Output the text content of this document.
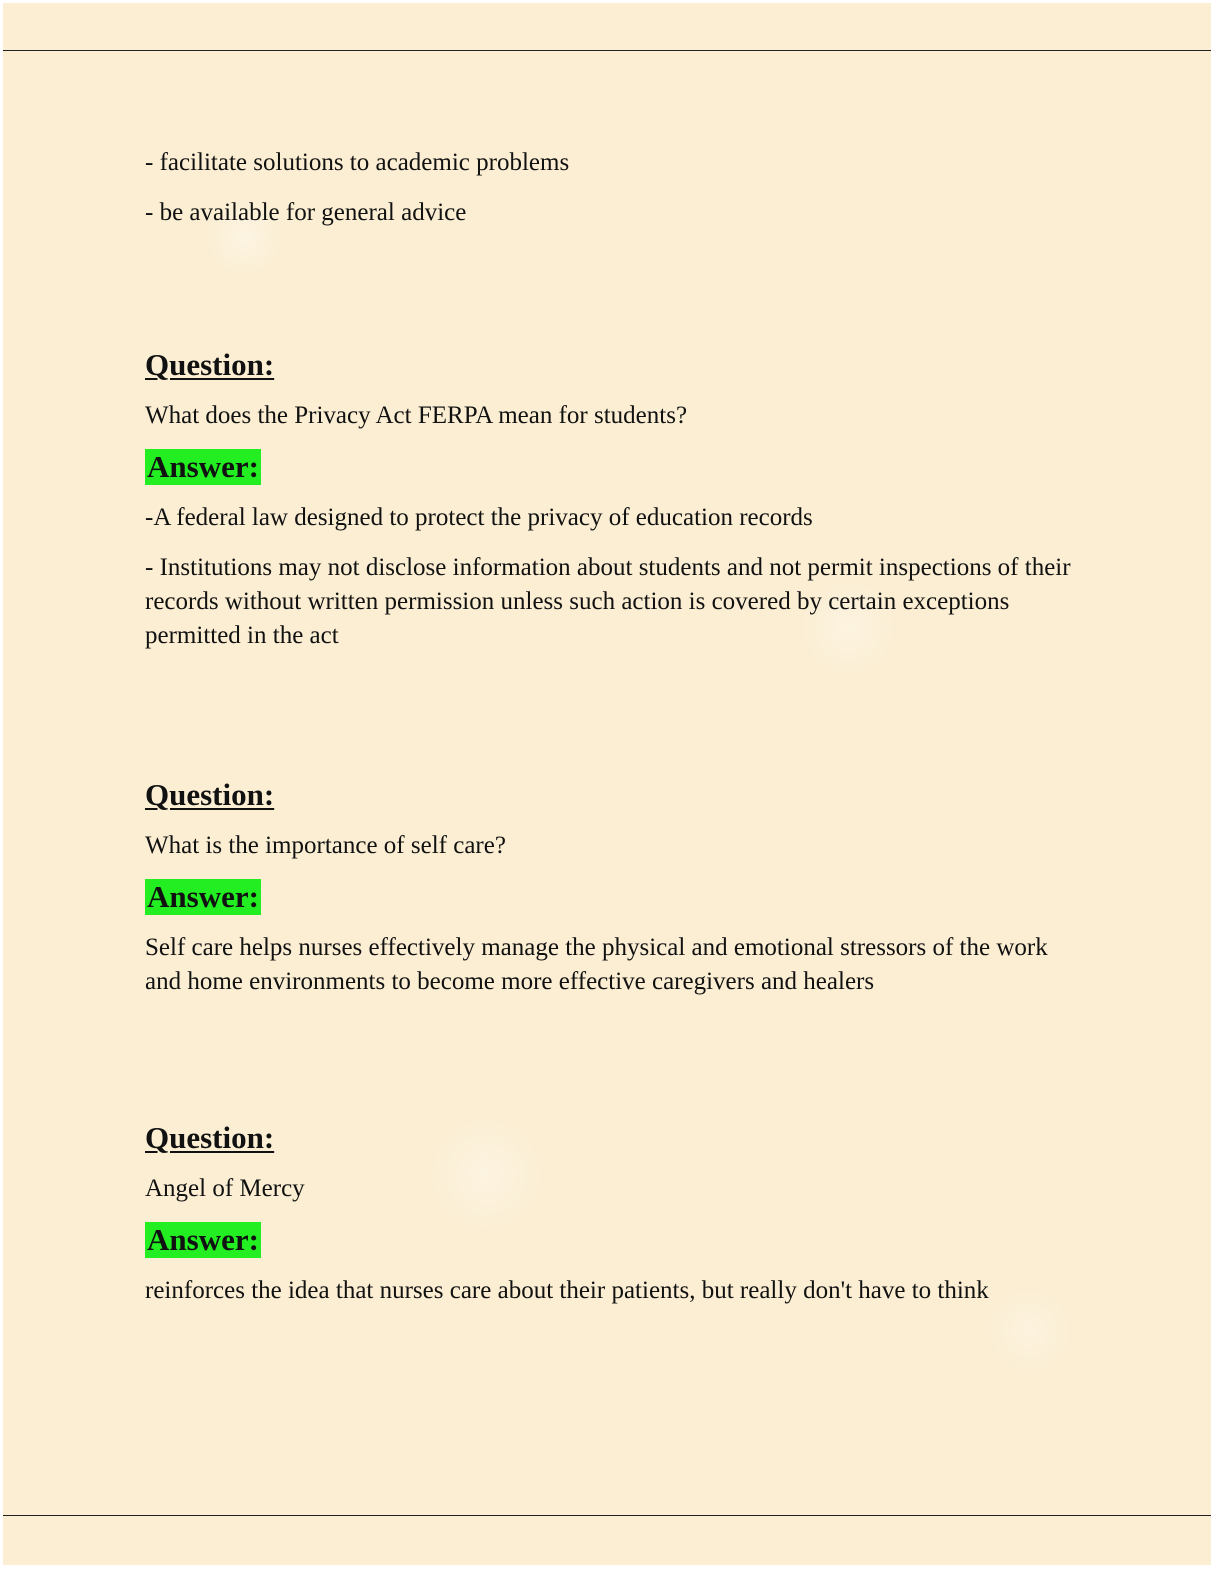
- facilitate solutions to academic problems

- be available for general advice

Question:

What does the Privacy Act FERPA mean for students?

Answer:

-A federal law designed to protect the privacy of education records

- Institutions may not disclose information about students and not permit inspections of their records without written permission unless such action is covered by certain exceptions permitted in the act

Question:

What is the importance of self care?

Answer:

Self care helps nurses effectively manage the physical and emotional stressors of the work and home environments to become more effective caregivers and healers

Question:

Angel of Mercy

Answer:

reinforces the idea that nurses care about their patients, but really don't have to think
